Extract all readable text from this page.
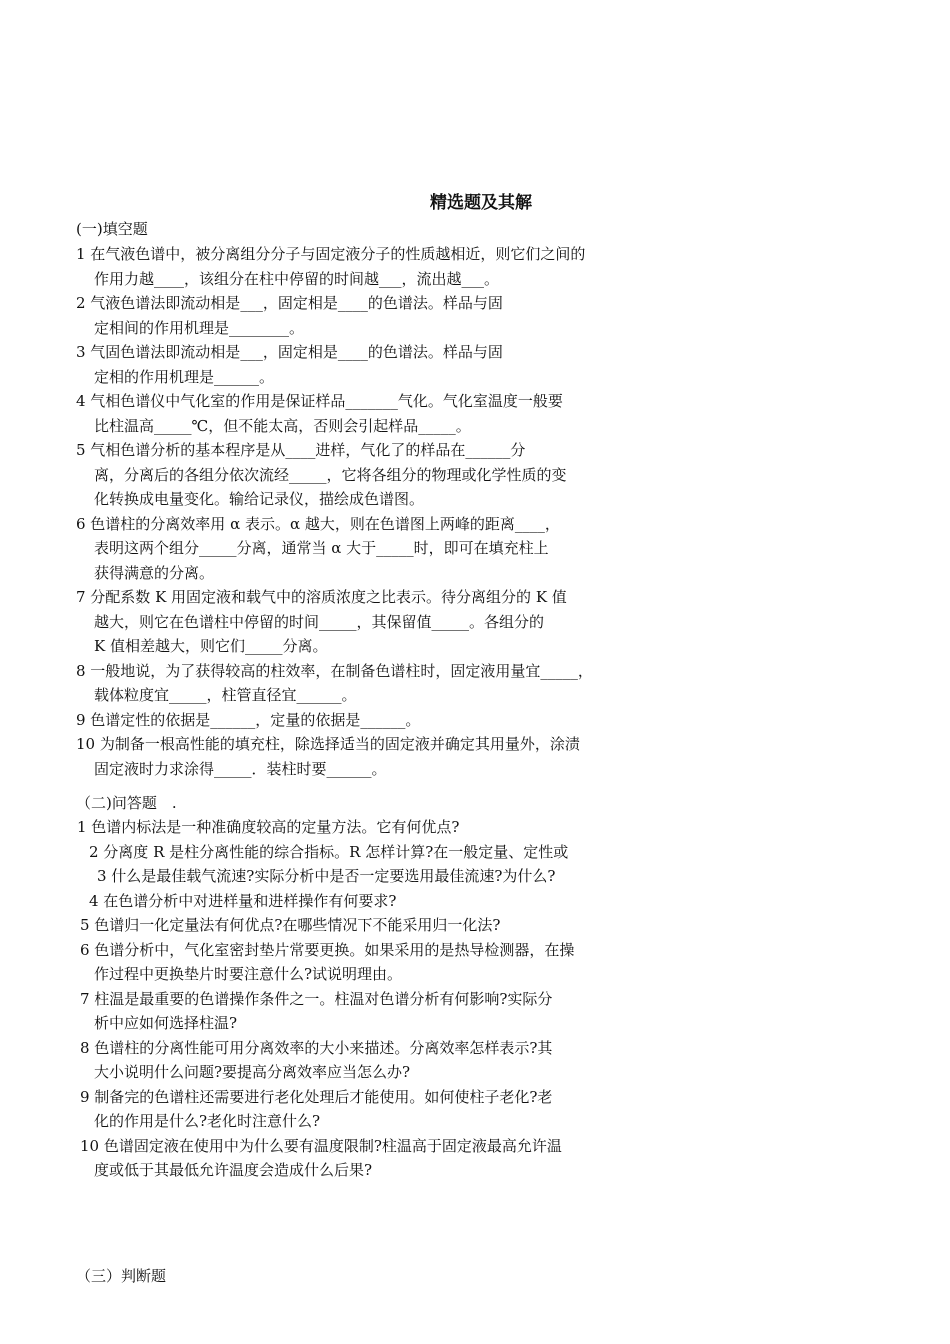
精选题及其解
(一)填空题
1 在气液色谱中，被分离组分分子与固定液分子的性质越相近，则它们之间的
作用力越____，该组分在柱中停留的时间越___，流出越___。
2 气液色谱法即流动相是___，固定相是____的色谱法。样品与固
定相间的作用机理是________。
3 气固色谱法即流动相是___，固定相是____的色谱法。样品与固
定相的作用机理是______。
4 气相色谱仪中气化室的作用是保证样品_______气化。气化室温度一般要
比柱温高_____℃，但不能太高，否则会引起样品_____。
5 气相色谱分析的基本程序是从____进样，气化了的样品在______分
离，分离后的各组分依次流经_____，它将各组分的物理或化学性质的变
化转换成电量变化。输给记录仪，描绘成色谱图。
6 色谱柱的分离效率用 α 表示。α 越大，则在色谱图上两峰的距离____，
表明这两个组分_____分离，通常当 α 大于_____时，即可在填充柱上
获得满意的分离。
7 分配系数 K 用固定液和载气中的溶质浓度之比表示。待分离组分的 K 值
越大，则它在色谱柱中停留的时间_____，其保留值_____。各组分的
K 值相差越大，则它们_____分离。
8 一般地说，为了获得较高的柱效率，在制备色谱柱时，固定液用量宜_____，
载体粒度宜_____，柱管直径宜______。
9 色谱定性的依据是______，定量的依据是______。
10 为制备一根高性能的填充柱，除选择适当的固定液并确定其用量外，涂渍
固定液时力求涂得_____．装柱时要______。
（二)问答题　.
1 色谱内标法是一种准确度较高的定量方法。它有何优点?
2 分离度 R 是柱分离性能的综合指标。R 怎样计算?在一般定量、定性或
3 什么是最佳载气流速?实际分析中是否一定要选用最佳流速?为什么?
4 在色谱分析中对进样量和进样操作有何要求?
5 色谱归一化定量法有何优点?在哪些情况下不能采用归一化法?
6 色谱分析中，气化室密封垫片常要更换。如果采用的是热导检测器，在操
作过程中更换垫片时要注意什么?试说明理由。
7 柱温是最重要的色谱操作条件之一。柱温对色谱分析有何影响?实际分
析中应如何选择柱温?
8 色谱柱的分离性能可用分离效率的大小来描述。分离效率怎样表示?其
大小说明什么问题?要提高分离效率应当怎么办?
9 制备完的色谱柱还需要进行老化处理后才能使用。如何使柱子老化?老
化的作用是什么?老化时注意什么?
10 色谱固定液在使用中为什么要有温度限制?柱温高于固定液最高允许温
度或低于其最低允许温度会造成什么后果?
（三）判断题
